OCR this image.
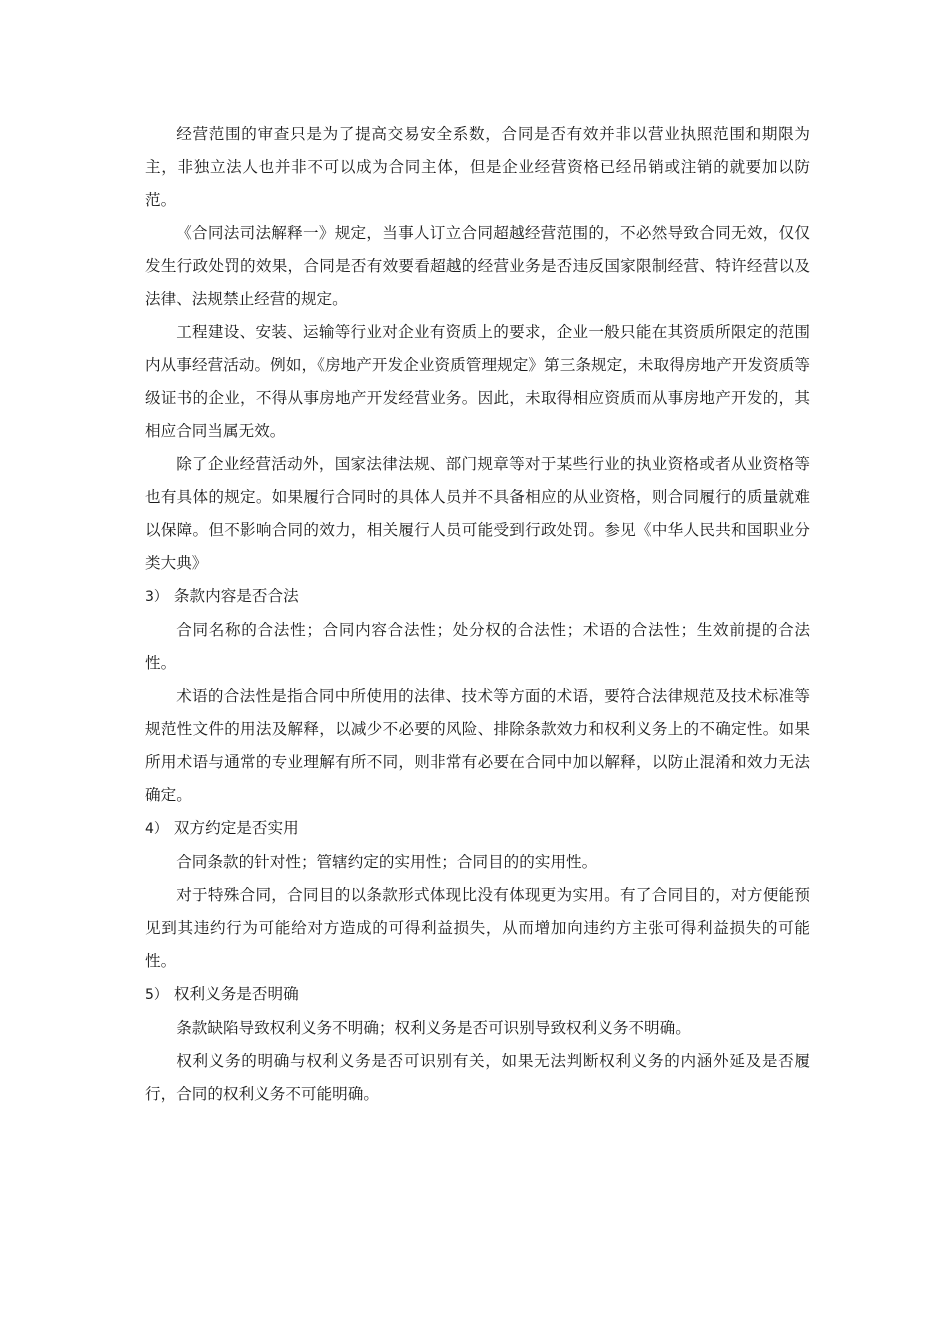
经营范围的审查只是为了提高交易安全系数，合同是否有效并非以营业执照范围和期限为主，非独立法人也并非不可以成为合同主体，但是企业经营资格已经吊销或注销的就要加以防范。

《合同法司法解释一》规定，当事人订立合同超越经营范围的，不必然导致合同无效，仅仅发生行政处罚的效果，合同是否有效要看超越的经营业务是否违反国家限制经营、特许经营以及法律、法规禁止经营的规定。

工程建设、安装、运输等行业对企业有资质上的要求，企业一般只能在其资质所限定的范围内从事经营活动。例如，《房地产开发企业资质管理规定》第三条规定，未取得房地产开发资质等级证书的企业，不得从事房地产开发经营业务。因此，未取得相应资质而从事房地产开发的，其相应合同当属无效。

除了企业经营活动外，国家法律法规、部门规章等对于某些行业的执业资格或者从业资格等也有具体的规定。如果履行合同时的具体人员并不具备相应的从业资格，则合同履行的质量就难以保障。但不影响合同的效力，相关履行人员可能受到行政处罚。参见《中华人民共和国职业分类大典》

3） 条款内容是否合法

合同名称的合法性；合同内容合法性；处分权的合法性；术语的合法性；生效前提的合法性。

术语的合法性是指合同中所使用的法律、技术等方面的术语，要符合法律规范及技术标准等规范性文件的用法及解释，以减少不必要的风险、排除条款效力和权利义务上的不确定性。如果所用术语与通常的专业理解有所不同，则非常有必要在合同中加以解释，以防止混淆和效力无法确定。

4） 双方约定是否实用

合同条款的针对性；管辖约定的实用性；合同目的的实用性。

对于特殊合同，合同目的以条款形式体现比没有体现更为实用。有了合同目的，对方便能预见到其违约行为可能给对方造成的可得利益损失，从而增加向违约方主张可得利益损失的可能性。

5） 权利义务是否明确

条款缺陷导致权利义务不明确；权利义务是否可识别导致权利义务不明确。

权利义务的明确与权利义务是否可识别有关，如果无法判断权利义务的内涵外延及是否履行，合同的权利义务不可能明确。
